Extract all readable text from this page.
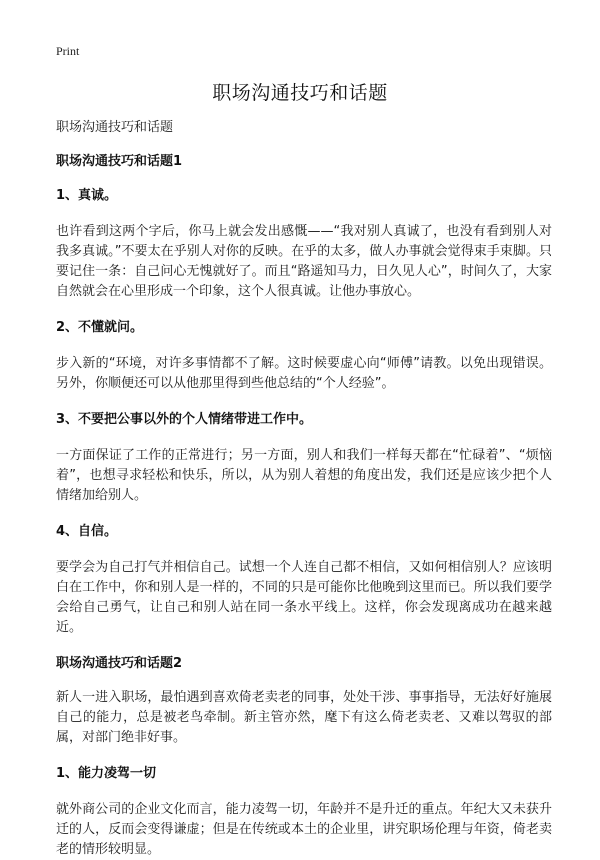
Print
职场沟通技巧和话题

职场沟通技巧和话题

职场沟通技巧和话题1
1、真诚。

也许看到这两个字后，你马上就会发出感慨——“我对别人真诚了，也没有看到别人对我多真诚。”不要太在乎别人对你的反映。在乎的太多，做人办事就会觉得束手束脚。只要记住一条：自己问心无愧就好了。而且“路遥知马力，日久见人心”，时间久了，大家自然就会在心里形成一个印象，这个人很真诚。让他办事放心。

2、不懂就问。

步入新的“环境，对许多事情都不了解。这时候要虚心向“师傅”请教。以免出现错误。另外，你顺便还可以从他那里得到些他总结的“个人经验”。

3、不要把公事以外的个人情绪带进工作中。

一方面保证了工作的正常进行；另一方面，别人和我们一样每天都在“忙碌着”、“烦恼着”，也想寻求轻松和快乐，所以，从为别人着想的角度出发，我们还是应该少把个人情绪加给别人。

4、自信。

要学会为自己打气并相信自己。试想一个人连自己都不相信，又如何相信别人？应该明白在工作中，你和别人是一样的，不同的只是可能你比他晚到这里而已。所以我们要学会给自己勇气，让自己和别人站在同一条水平线上。这样，你会发现离成功在越来越近。

职场沟通技巧和话题2

新人一进入职场，最怕遇到喜欢倚老卖老的同事，处处干涉、事事指导，无法好好施展自己的能力，总是被老鸟牵制。新主管亦然，麾下有这么倚老卖老、又难以驾驭的部属，对部门绝非好事。

1、能力凌驾一切

就外商公司的企业文化而言，能力凌驾一切，年龄并不是升迁的重点。年纪大又未获升迁的人，反而会变得谦虚；但是在传统或本土的企业里，讲究职场伦理与年资，倚老卖老的情形较明显。
